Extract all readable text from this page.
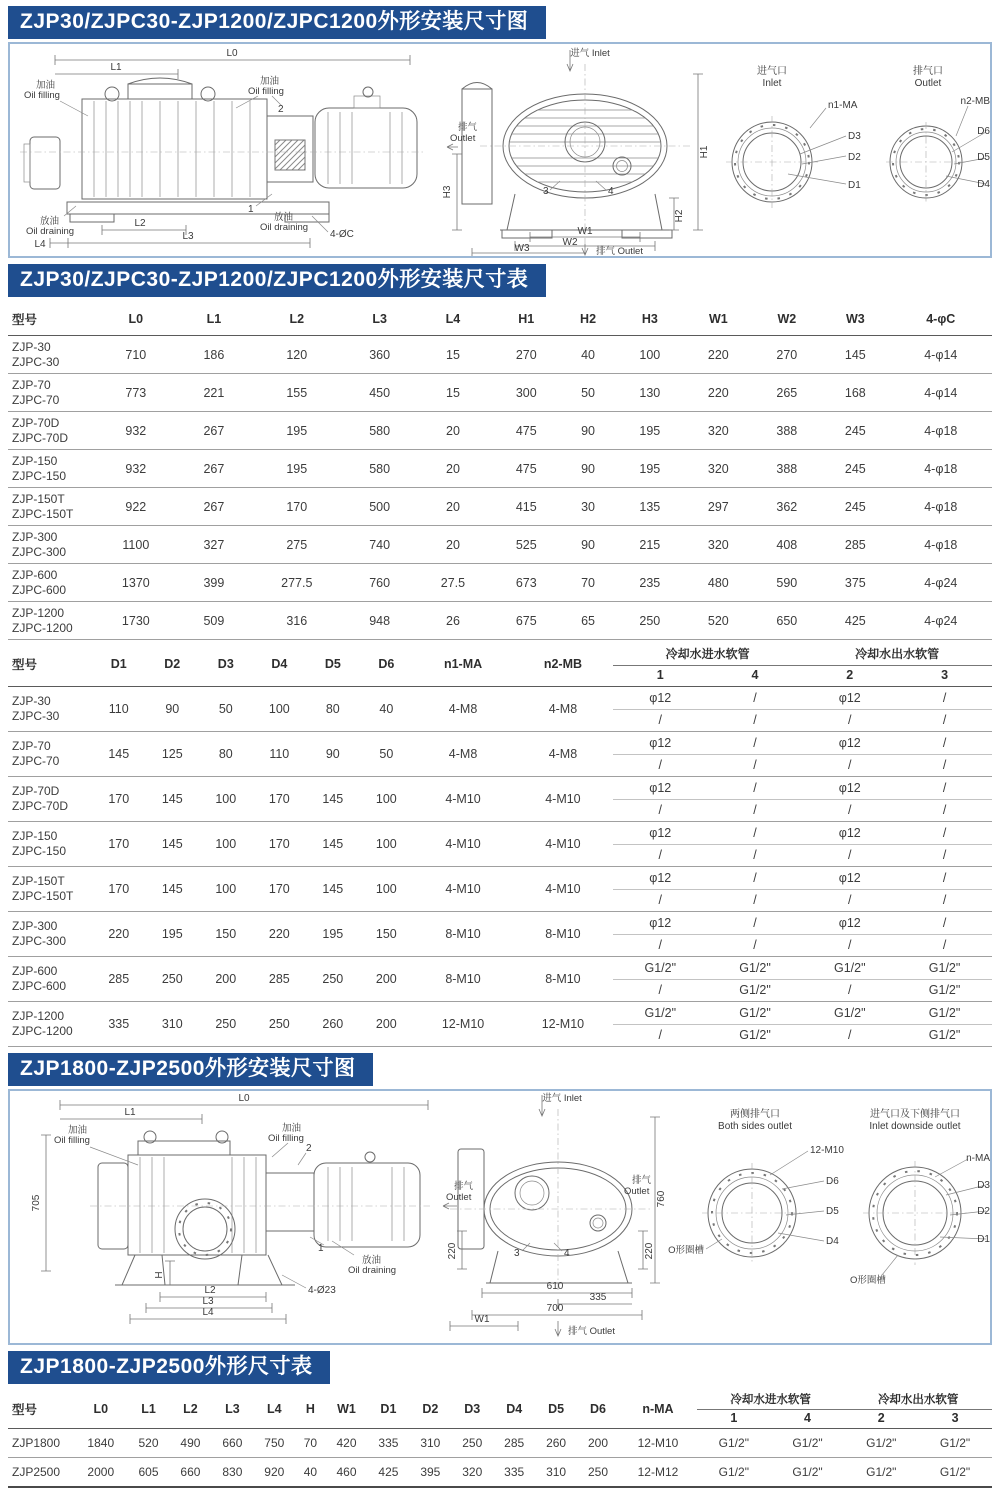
ZJP30/ZJPC30-ZJP1200/ZJPC1200外形安装尺寸图
L0
L1
加油
Oil filling
加油
Oil filling
2
1
放油
Oil draining
放油
Oil draining
L2
L4
L3	4-ØC
进气 Inlet
H1
排气
Outlet
H3
H2
3	4
W1
W2
W3	排气 Outlet
进气口
Inlet
n1-MA
D3
D2
D1
排气口
Outlet
n2-MB
D6
D5
D4
ZJP30/ZJPC30-ZJP1200/ZJPC1200外形安装尺寸表
型号	L0	L1	L2	L3	L4	H1	H2	H3	W1	W2	W3	4-φC

ZJP-30
ZJPC-30	710	186	120	360	15	270	40	100	220	270	145	4-φ14

ZJP-70
ZJPC-70	773	221	155	450	15	300	50	130	220	265	168	4-φ14

ZJP-70D
ZJPC-70D	932	267	195	580	20	475	90	195	320	388	245	4-φ18

ZJP-150
ZJPC-150	932	267	195	580	20	475	90	195	320	388	245	4-φ18

ZJP-150T
ZJPC-150T	922	267	170	500	20	415	30	135	297	362	245	4-φ18

ZJP-300
ZJPC-300	1100	327	275	740	20	525	90	215	320	408	285	4-φ18

ZJP-600
ZJPC-600	1370	399	277.5	760	27.5	673	70	235	480	590	375	4-φ24

ZJP-1200
ZJPC-1200	1730	509	316	948	26	675	65	250	520	650	425	4-φ24
型号	D1	D2	D3	D4	D5	D6	n1-MA	n2-MB	冷却水进水软管		冷却水出水软管	
									1	4	2	3

ZJP-30
ZJPC-30	110	90	50	100	80	40	4-M8	4-M8	φ12	/	φ12	/
									/	/	/	/

ZJP-70
ZJPC-70	145	125	80	110	90	50	4-M8	4-M8	φ12	/	φ12	/
									/	/	/	/

ZJP-70D
ZJPC-70D	170	145	100	170	145	100	4-M10	4-M10	φ12	/	φ12	/
									/	/	/	/

ZJP-150
ZJPC-150	170	145	100	170	145	100	4-M10	4-M10	φ12	/	φ12	/
									/	/	/	/

ZJP-150T
ZJPC-150T	170	145	100	170	145	100	4-M10	4-M10	φ12	/	φ12	/
									/	/	/	/

ZJP-300
ZJPC-300	220	195	150	220	195	150	8-M10	8-M10	φ12	/	φ12	/
									/	/	/	/

ZJP-600
ZJPC-600	285	250	200	285	250	200	8-M10	8-M10	G1/2"	G1/2"	G1/2"	G1/2"
									/	G1/2"	/	G1/2"

ZJP-1200
ZJPC-1200	335	310	250	250	260	200	12-M10	12-M10	G1/2"	G1/2"	G1/2"	G1/2"
									/	G1/2"	/	G1/2"
ZJP1800-ZJP2500外形安装尺寸图
L0
L1
705
加油
Oil filling
加油
Oil filling
2
1
放油
Oil draining
H
L2
L3
L4
4-Ø23
进气 Inlet
760
排气
Outlet
排气
Outlet
220	220
3	4
610
335
700
W1
排气 Outlet
两侧排气口
Both sides outlet
12-M10
D6
D5
D4
O形圈槽
进气口及下侧排气口
Inlet downside outlet
n-MA
D3
D2
D1
O形圈槽
ZJP1800-ZJP2500外形尺寸表
型号	L0	L1	L2	L3	L4	H	W1	D1	D2	D3	D4	D5	D6	n-MA	冷却水进水软管		冷却水出水软管	
															1	4	2	3
ZJP1800	1840	520	490	660	750	70	420	335	310	250	285	260	200	12-M10	G1/2"	G1/2"	G1/2"	G1/2"
ZJP2500	2000	605	660	830	920	40	460	425	395	320	335	310	250	12-M12	G1/2"	G1/2"	G1/2"	G1/2"
